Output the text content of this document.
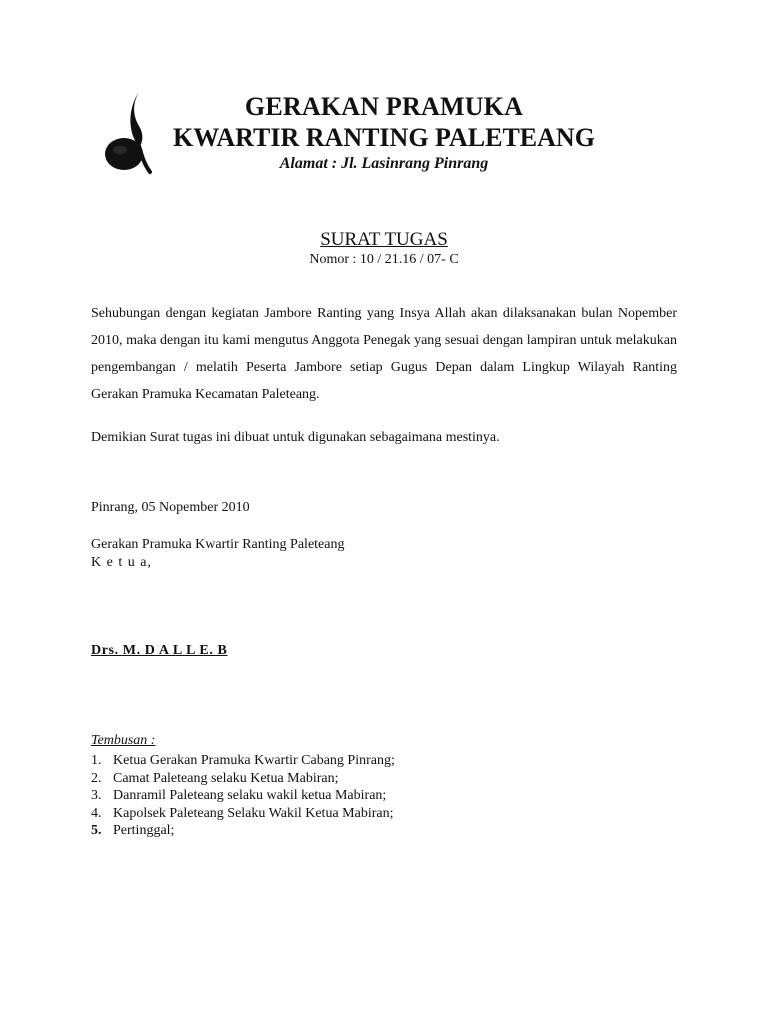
GERAKAN PRAMUKA
KWARTIR RANTING PALETEANG
Alamat : Jl. Lasinrang Pinrang
SURAT TUGAS
Nomor : 10 / 21.16 / 07- C

Sehubungan dengan kegiatan Jambore Ranting yang Insya Allah akan dilaksanakan bulan Nopember 2010, maka dengan itu kami mengutus Anggota Penegak yang sesuai dengan lampiran untuk melakukan pengembangan / melatih Peserta Jambore setiap Gugus Depan dalam Lingkup Wilayah Ranting Gerakan Pramuka Kecamatan Paleteang.

Demikian Surat tugas ini dibuat untuk digunakan sebagaimana mestinya.

Pinrang, 05 Nopember 2010
Gerakan Pramuka Kwartir Ranting Paleteang
K e t u a,
Drs. M. D A L L E. B
Tembusan :
1. Ketua Gerakan Pramuka Kwartir Cabang Pinrang;
2. Camat Paleteang selaku Ketua Mabiran;
3. Danramil Paleteang selaku wakil ketua Mabiran;
4. Kapolsek Paleteang Selaku Wakil Ketua Mabiran;
5. Pertinggal;
